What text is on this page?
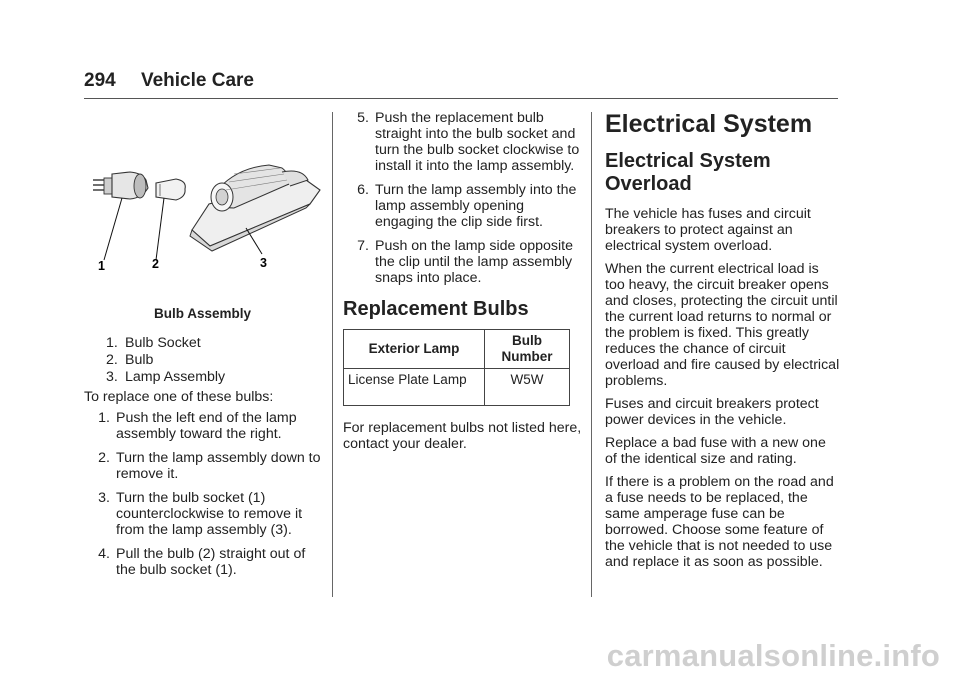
294 Vehicle Care
1	2	3
Bulb Assembly
1. Bulb Socket
2. Bulb
3. Lamp Assembly
To replace one of these bulbs:
1. Push the left end of the lamp assembly toward the right.
2. Turn the lamp assembly down to remove it.
3. Turn the bulb socket (1) counterclockwise to remove it from the lamp assembly (3).
4. Pull the bulb (2) straight out of the bulb socket (1).
5. Push the replacement bulb straight into the bulb socket and turn the bulb socket clockwise to install it into the lamp assembly.
6. Turn the lamp assembly into the lamp assembly opening engaging the clip side first.
7. Push on the lamp side opposite the clip until the lamp assembly snaps into place.
Replacement Bulbs
Exterior Lamp	Bulb Number
License Plate Lamp	W5W
For replacement bulbs not listed here, contact your dealer.
Electrical System
Electrical System Overload
The vehicle has fuses and circuit breakers to protect against an electrical system overload.
When the current electrical load is too heavy, the circuit breaker opens and closes, protecting the circuit until the current load returns to normal or the problem is fixed. This greatly reduces the chance of circuit overload and fire caused by electrical problems.
Fuses and circuit breakers protect power devices in the vehicle.
Replace a bad fuse with a new one of the identical size and rating.
If there is a problem on the road and a fuse needs to be replaced, the same amperage fuse can be borrowed. Choose some feature of the vehicle that is not needed to use and replace it as soon as possible.
carmanualsonline.info
